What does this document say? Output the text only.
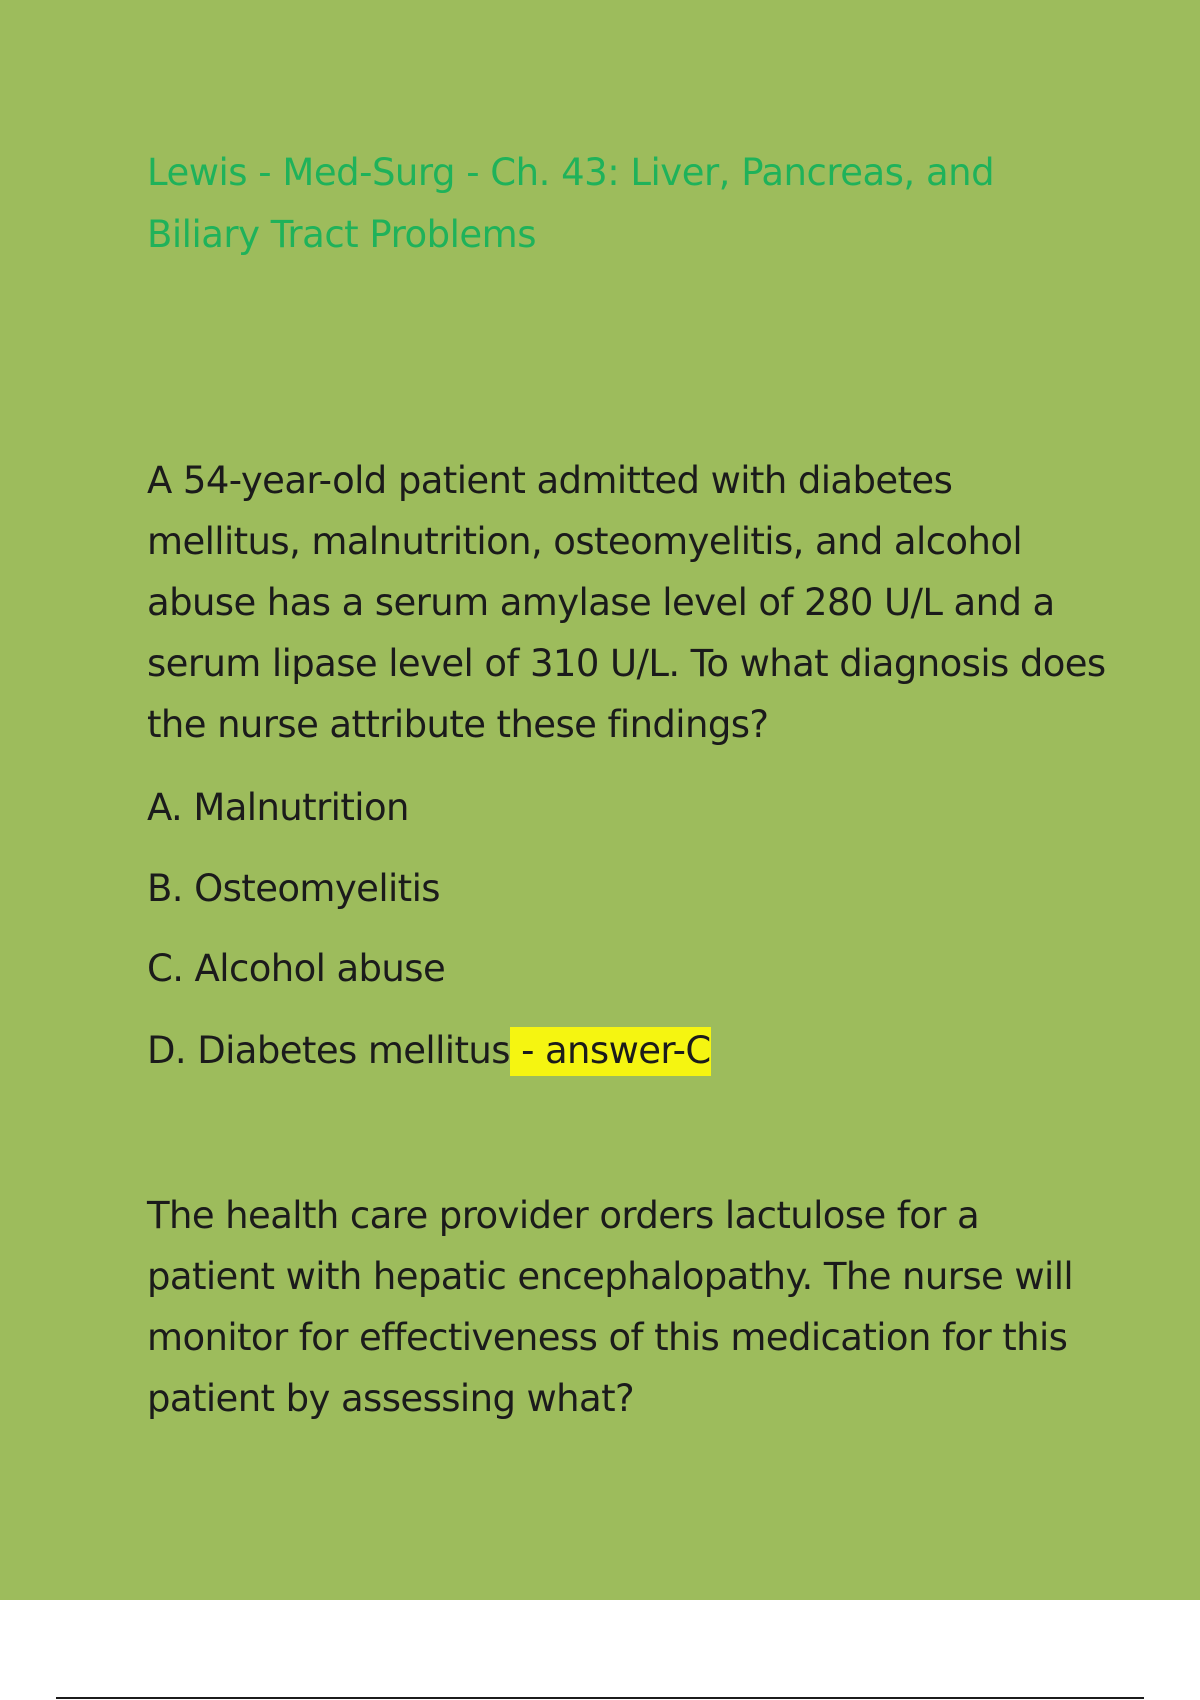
Lewis - Med-Surg - Ch. 43: Liver, Pancreas, and Biliary Tract Problems

A 54-year-old patient admitted with diabetes mellitus, malnutrition, osteomyelitis, and alcohol abuse has a serum amylase level of 280 U/L and a serum lipase level of 310 U/L. To what diagnosis does the nurse attribute these findings?

A. Malnutrition

B. Osteomyelitis

C. Alcohol abuse

D. Diabetes mellitus - answer-C

The health care provider orders lactulose for a patient with hepatic encephalopathy. The nurse will monitor for effectiveness of this medication for this patient by assessing what?
